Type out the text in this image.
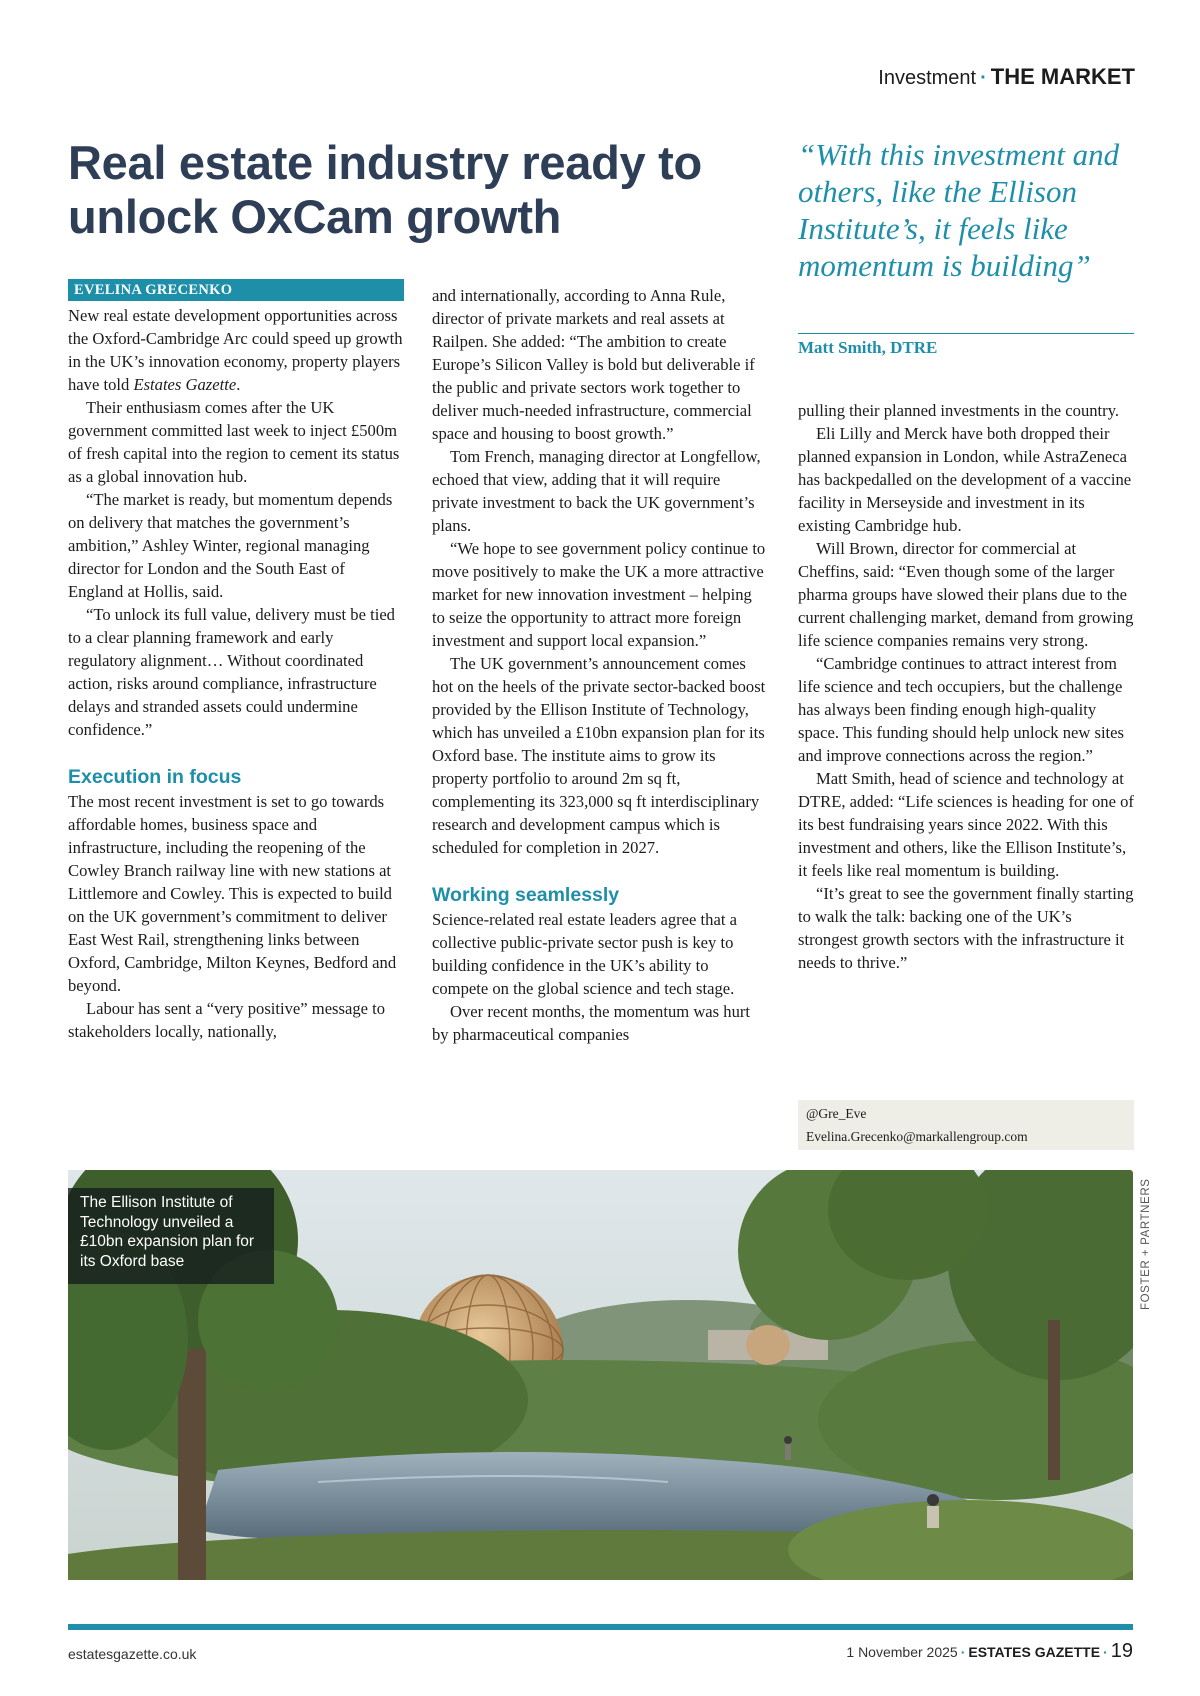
Investment · THE MARKET
Real estate industry ready to unlock OxCam growth
EVELINA GRECENKO

New real estate development opportunities across the Oxford-Cambridge Arc could speed up growth in the UK’s innovation economy, property players have told Estates Gazette.

Their enthusiasm comes after the UK government committed last week to inject £500m of fresh capital into the region to cement its status as a global innovation hub.

“The market is ready, but momentum depends on delivery that matches the government’s ambition,” Ashley Winter, regional managing director for London and the South East of England at Hollis, said.

“To unlock its full value, delivery must be tied to a clear planning framework and early regulatory alignment… Without coordinated action, risks around compliance, infrastructure delays and stranded assets could undermine confidence.”

Execution in focus

The most recent investment is set to go towards affordable homes, business space and infrastructure, including the reopening of the Cowley Branch railway line with new stations at Littlemore and Cowley. This is expected to build on the UK government’s commitment to deliver East West Rail, strengthening links between Oxford, Cambridge, Milton Keynes, Bedford and beyond.

Labour has sent a “very positive” message to stakeholders locally, nationally,

and internationally, according to Anna Rule, director of private markets and real assets at Railpen. She added: “The ambition to create Europe’s Silicon Valley is bold but deliverable if the public and private sectors work together to deliver much-needed infrastructure, commercial space and housing to boost growth.”

Tom French, managing director at Longfellow, echoed that view, adding that it will require private investment to back the UK government’s plans.

“We hope to see government policy continue to move positively to make the UK a more attractive market for new innovation investment – helping to seize the opportunity to attract more foreign investment and support local expansion.”

The UK government’s announcement comes hot on the heels of the private sector-backed boost provided by the Ellison Institute of Technology, which has unveiled a £10bn expansion plan for its Oxford base. The institute aims to grow its property portfolio to around 2m sq ft, complementing its 323,000 sq ft interdisciplinary research and development campus which is scheduled for completion in 2027.

Working seamlessly

Science-related real estate leaders agree that a collective public-private sector push is key to building confidence in the UK’s ability to compete on the global science and tech stage.

Over recent months, the momentum was hurt by pharmaceutical companies

“With this investment and others, like the Ellison Institute’s, it feels like momentum is building”

Matt Smith, DTRE

pulling their planned investments in the country.

Eli Lilly and Merck have both dropped their planned expansion in London, while AstraZeneca has backpedalled on the development of a vaccine facility in Merseyside and investment in its existing Cambridge hub.

Will Brown, director for commercial at Cheffins, said: “Even though some of the larger pharma groups have slowed their plans due to the current challenging market, demand from growing life science companies remains very strong.

“Cambridge continues to attract interest from life science and tech occupiers, but the challenge has always been finding enough high-quality space. This funding should help unlock new sites and improve connections across the region.”

Matt Smith, head of science and technology at DTRE, added: “Life sciences is heading for one of its best fundraising years since 2022. With this investment and others, like the Ellison Institute’s, it feels like real momentum is building.

“It’s great to see the government finally starting to walk the talk: backing one of the UK’s strongest growth sectors with the infrastructure it needs to thrive.”

@Gre_Eve
Evelina.Grecenko@markallengroup.com
The Ellison Institute of Technology unveiled a £10bn expansion plan for its Oxford base	FOSTER + PARTNERS
estatesgazette.co.uk	1 November 2025 · ESTATES GAZETTE · 19
